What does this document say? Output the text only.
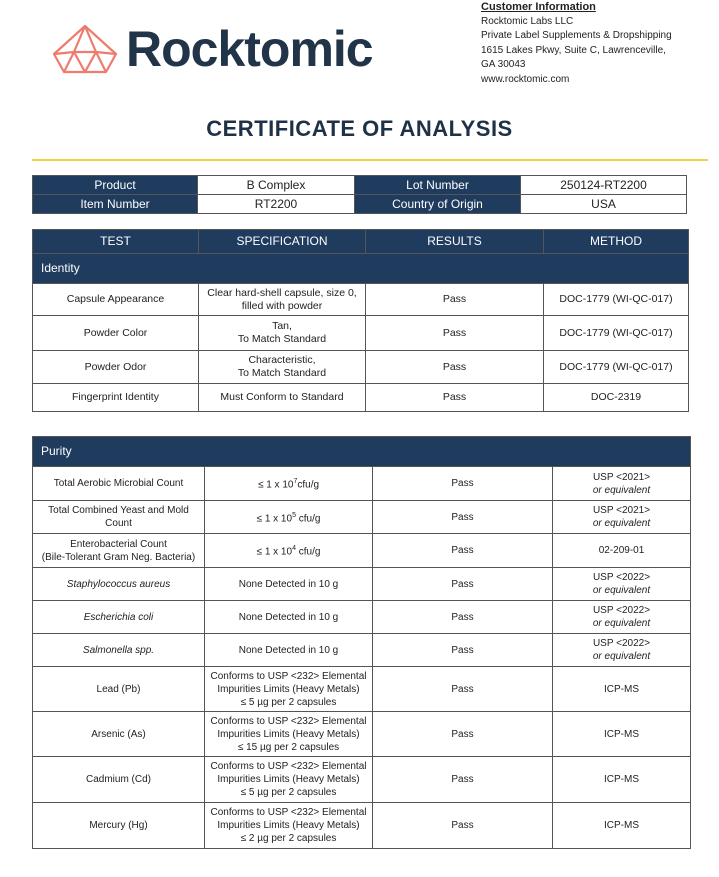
Rocktomic
Customer Information
Rocktomic Labs LLC
Private Label Supplements & Dropshipping
1615 Lakes Pkwy, Suite C, Lawrenceville,
GA 30043
www.rocktomic.com
CERTIFICATE OF ANALYSIS
Product	B Complex	Lot Number	250124-RT2200
Item Number	RT2200	Country of Origin	USA
TEST	SPECIFICATION	RESULTS	METHOD
Identity			
Capsule Appearance	Clear hard-shell capsule, size 0, filled with powder	Pass	DOC-1779 (WI-QC-017)
Powder Color	Tan,
To Match Standard	Pass	DOC-1779 (WI-QC-017)
Powder Odor	Characteristic,
To Match Standard	Pass	DOC-1779 (WI-QC-017)
Fingerprint Identity	Must Conform to Standard	Pass	DOC-2319
Purity			
Total Aerobic Microbial Count	≤ 1 x $10^7cfu/g$	Pass	USP <2021>
or equivalent
Total Combined Yeast and Mold Count	≤ 1 x $10^5$ cfu/g	Pass	USP <2021>
or equivalent

Enterobacterial Count
(Bile-Tolerant Gram Neg. Bacteria)	≤ 1 x $10^4$ cfu/g	Pass	02-209-01
Staphylococcus aureus	None Detected in 10 g	Pass	USP <2022>
or equivalent
Escherichia coli	None Detected in 10 g	Pass	USP <2022>
or equivalent
Salmonella spp.	None Detected in 10 g	Pass	USP <2022>
or equivalent
Lead (Pb)	Conforms to USP <232> Elemental Impurities Limits (Heavy Metals)
≤ 5 µg per 2 capsules	Pass	ICP-MS
Arsenic (As)	Conforms to USP <232> Elemental Impurities Limits (Heavy Metals)
≤ 15 µg per 2 capsules	Pass	ICP-MS
Cadmium (Cd)	Conforms to USP <232> Elemental Impurities Limits (Heavy Metals)
≤ 5 µg per 2 capsules	Pass	ICP-MS
Mercury (Hg)	Conforms to USP <232> Elemental Impurities Limits (Heavy Metals)
≤ 2 µg per 2 capsules	Pass	ICP-MS
